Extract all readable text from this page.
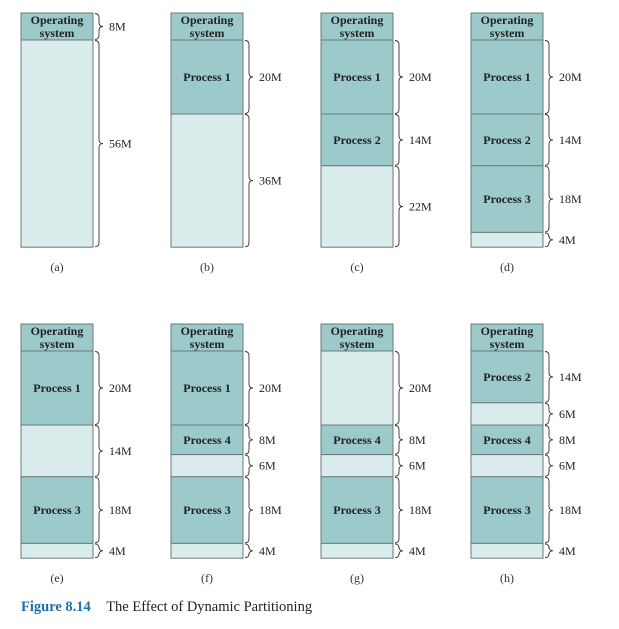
Operating
system	8M
56M
(a)
Operating
system
Process 1 20M
36M
(b)
Operating
system
Process 1 20M
Process 2 14M
22M
(c)
Operating
system
Process 1 20M
Process 2 14M
Process 3 18M
4M
(d)
Operating
system
Process 1 20M
14M
Process 3 18M
4M
(e)
Operating
system
Process 1 20M
Process 4 8M
6M
Process 3 18M
4M
(f)
Operating
system
20M
Process 4 8M
6M
Process 3 18M
4M
(g)
Operating
system
Process 2 14M
6M
Process 4 8M
6M
Process 3 18M
4M
(h)
Figure 8.14 The Effect of Dynamic Partitioning
